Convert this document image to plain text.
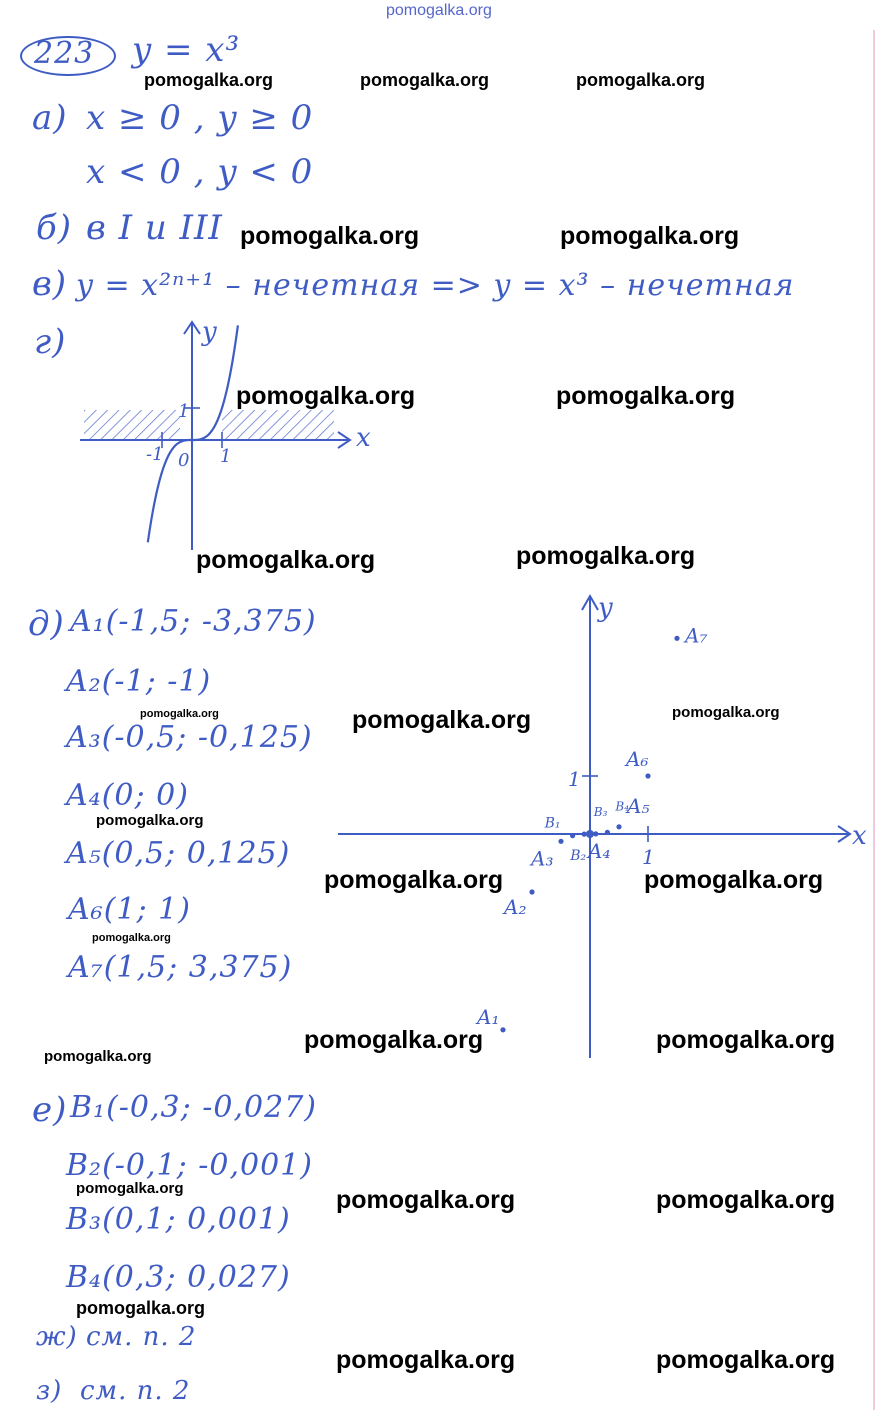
pomogalka.org
223 y = x³
а) x ≥ 0 , y ≥ 0
x < 0 , y < 0
б) в I и III
в) y = x²ⁿ⁺¹ – нечетная => y = x³ – нечетная
г)
x
y
1
-1 0 1
д) A₁(-1,5; -3,375)
A₂(-1; -1)
A₃(-0,5; -0,125)
A₄(0; 0)
A₅(0,5; 0,125)
A₆(1; 1)
A₇(1,5; 3,375)
x
y
1
1
A₁
A₂
A₃ A₄
A₅
A₆
A₇
B₁
B₂
B₃ B₄
е) B₁(-0,3; -0,027)
B₂(-0,1; -0,001)
B₃(0,1; 0,001)
B₄(0,3; 0,027)
ж) см. п. 2
з) см. п. 2
pomogalka.org	pomogalka.org	pomogalka.org
pomogalka.org	pomogalka.org
pomogalka.org	pomogalka.org
pomogalka.org	pomogalka.org
pomogalka.org	pomogalka.org	pomogalka.org
pomogalka.org
pomogalka.org	pomogalka.org
pomogalka.org
pomogalka.org	pomogalka.org
pomogalka.org
pomogalka.org	pomogalka.org	pomogalka.org
pomogalka.org
pomogalka.org	pomogalka.org
